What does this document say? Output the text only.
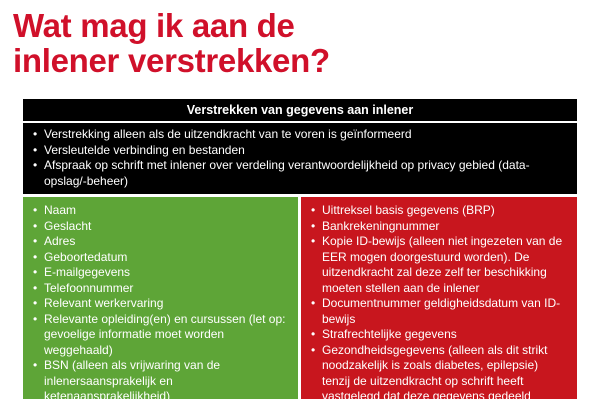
Wat mag ik aan de
inlener verstrekken?
Verstrekken van gegevens aan inlener
• Verstrekking alleen als de uitzendkracht van te voren is geïnformeerd
• Versleutelde verbinding en bestanden
• Afspraak op schrift met inlener over verdeling verantwoordelijkheid op privacy gebied (data-opslag/-beheer)
• Naam
• Geslacht
• Adres
• Geboortedatum
• E-mailgegevens
• Telefoonnummer
• Relevant werkervaring
• Relevante opleiding(en) en cursussen (let op: gevoelige informatie moet worden weggehaald)
• BSN (alleen als vrijwaring van de inlenersaansprakelijk en ketenaansprakelijkheid)
• Uittreksel basis gegevens (BRP)
• Bankrekeningnummer
• Kopie ID-bewijs (alleen niet ingezeten van de EER mogen doorgestuurd worden). De uitzendkracht zal deze zelf ter beschikking moeten stellen aan de inlener
• Documentnummer geldigheidsdatum van ID-bewijs
• Strafrechtelijke gegevens
• Gezondheidsgegevens (alleen als dit strikt noodzakelijk is zoals diabetes, epilepsie) tenzij de uitzendkracht op schrift heeft vastgelegd dat deze gegevens gedeeld mogen worden
